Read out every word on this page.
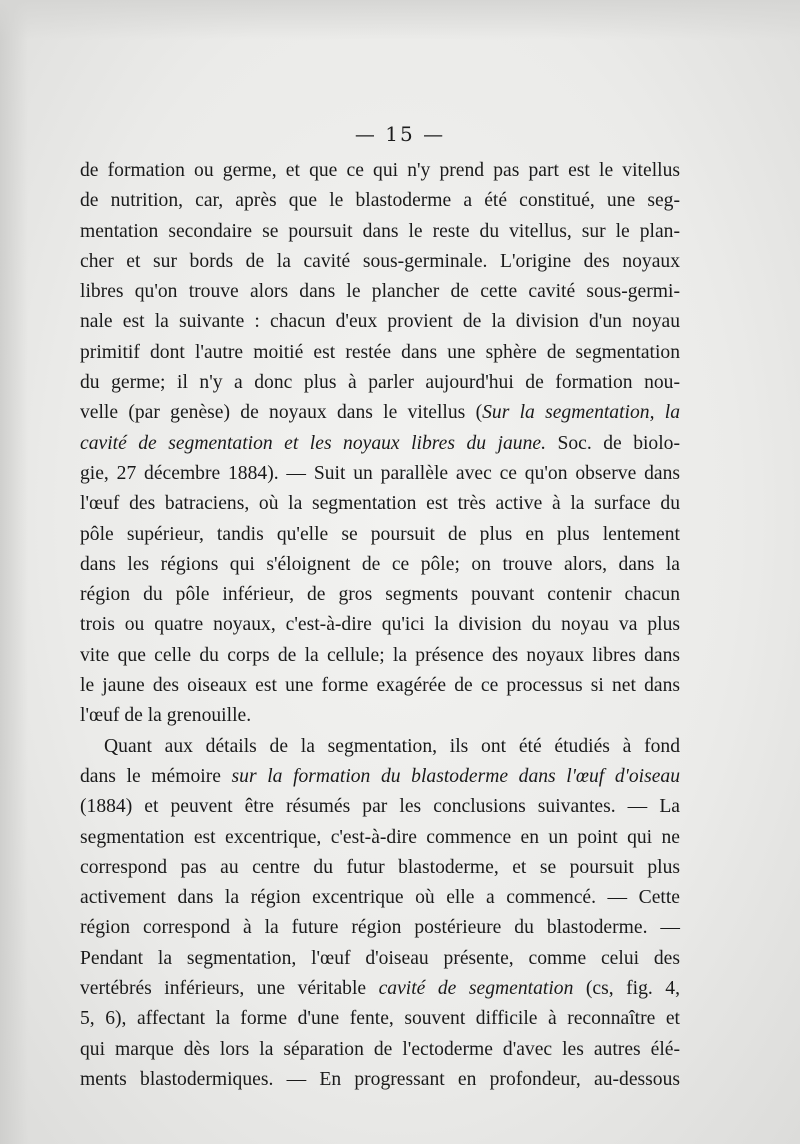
— 15 —
de formation ou germe, et que ce qui n'y prend pas part est le vitellus
de nutrition, car, après que le blastoderme a été constitué, une seg-
mentation secondaire se poursuit dans le reste du vitellus, sur le plan-
cher et sur bords de la cavité sous-germinale. L'origine des noyaux
libres qu'on trouve alors dans le plancher de cette cavité sous-germi-
nale est la suivante : chacun d'eux provient de la division d'un noyau
primitif dont l'autre moitié est restée dans une sphère de segmentation
du germe; il n'y a donc plus à parler aujourd'hui de formation nou-
velle (par genèse) de noyaux dans le vitellus (Sur la segmentation, la
cavité de segmentation et les noyaux libres du jaune. Soc. de biolo-
gie, 27 décembre 1884). — Suit un parallèle avec ce qu'on observe dans
l'œuf des batraciens, où la segmentation est très active à la surface du
pôle supérieur, tandis qu'elle se poursuit de plus en plus lentement
dans les régions qui s'éloignent de ce pôle; on trouve alors, dans la
région du pôle inférieur, de gros segments pouvant contenir chacun
trois ou quatre noyaux, c'est-à-dire qu'ici la division du noyau va plus
vite que celle du corps de la cellule; la présence des noyaux libres dans
le jaune des oiseaux est une forme exagérée de ce processus si net dans
l'œuf de la grenouille.
Quant aux détails de la segmentation, ils ont été étudiés à fond
dans le mémoire sur la formation du blastoderme dans l'œuf d'oiseau
(1884) et peuvent être résumés par les conclusions suivantes. — La
segmentation est excentrique, c'est-à-dire commence en un point qui ne
correspond pas au centre du futur blastoderme, et se poursuit plus
activement dans la région excentrique où elle a commencé. — Cette
région correspond à la future région postérieure du blastoderme. —
Pendant la segmentation, l'œuf d'oiseau présente, comme celui des
vertébrés inférieurs, une véritable cavité de segmentation (cs, fig. 4,
5, 6), affectant la forme d'une fente, souvent difficile à reconnaître et
qui marque dès lors la séparation de l'ectoderme d'avec les autres élé-
ments blastodermiques. — En progressant en profondeur, au-dessous
